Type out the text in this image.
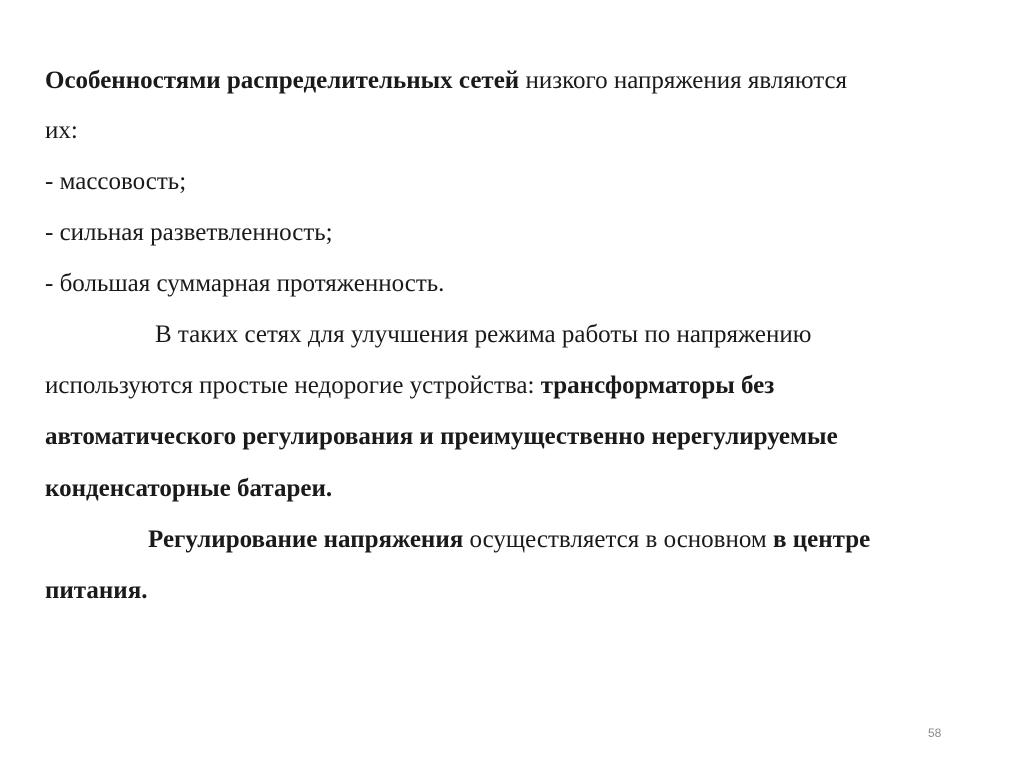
Особенностями распределительных сетей низкого напряжения являются
их:
- массовость;
- сильная разветвленность;
- большая суммарная протяженность.
В таких сетях для улучшения режима работы по напряжению
используются простые недорогие устройства: трансформаторы без
автоматического регулирования и преимущественно нерегулируемые
конденсаторные батареи.
Регулирование напряжения осуществляется в основном в центре
питания.
58
